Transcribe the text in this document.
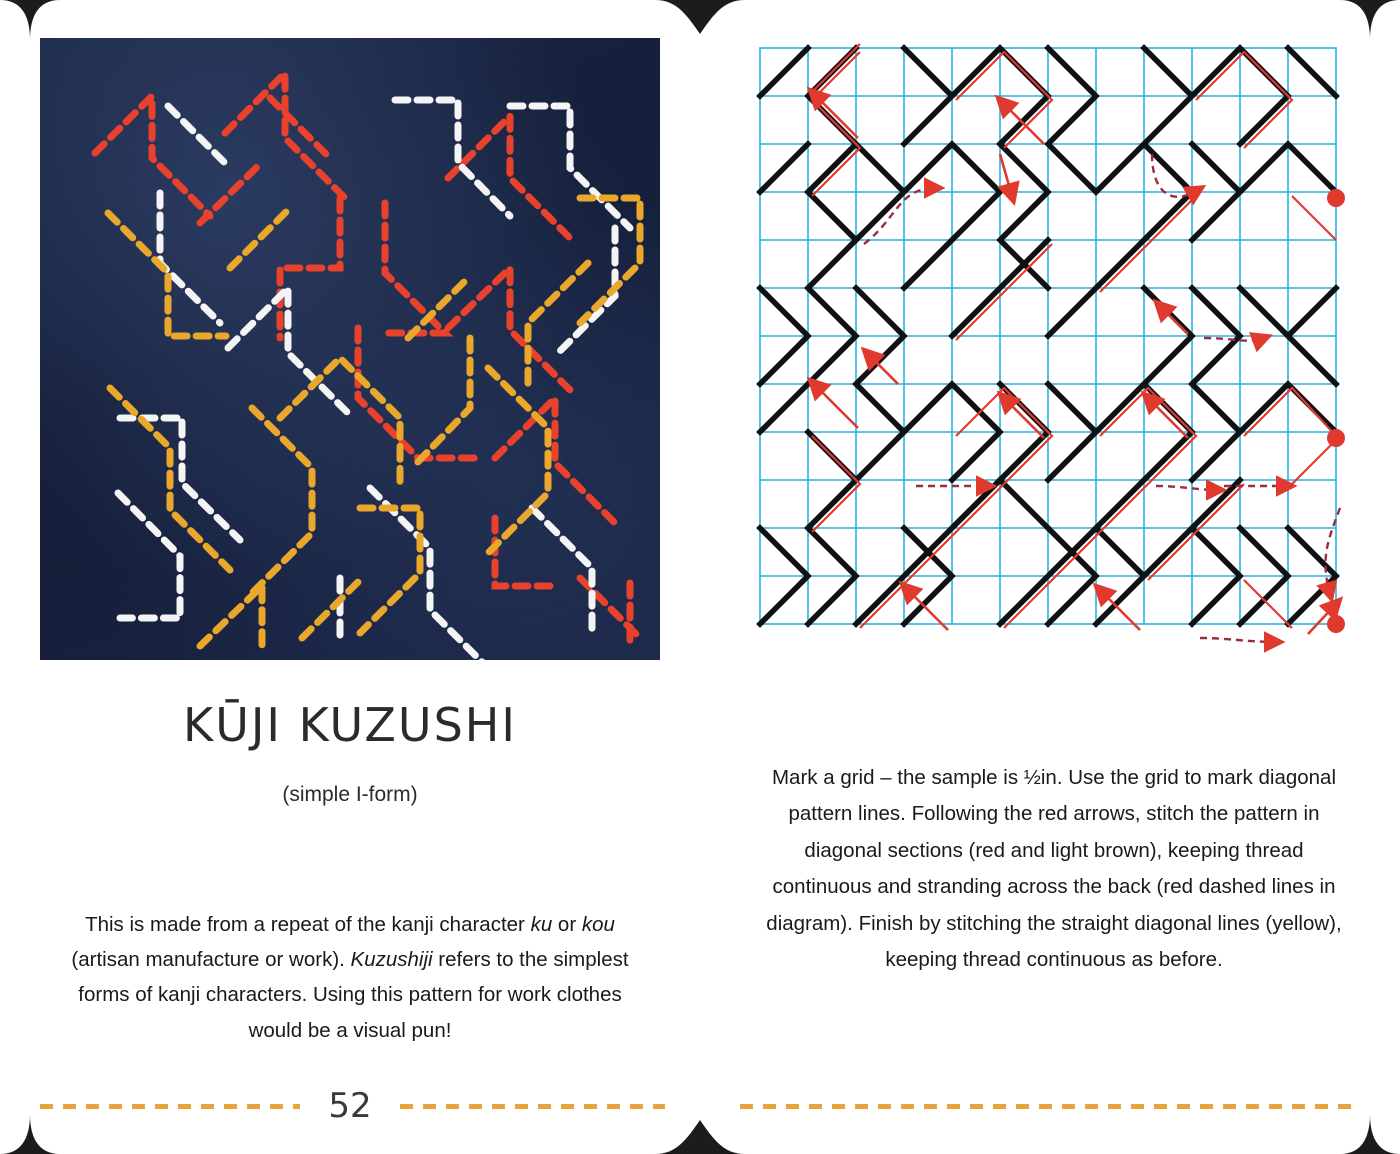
KŪJI KUZUSHI
(simple I-form)

This is made from a repeat of the kanji character ku or kou (artisan manufacture or work). Kuzushiji refers to the simplest forms of kanji characters. Using this pattern for work clothes would be a visual pun!

Mark a grid – the sample is ½in. Use the grid to mark diagonal pattern lines. Following the red arrows, stitch the pattern in diagonal sections (red and light brown), keeping thread continuous and stranding across the back (red dashed lines in diagram). Finish by stitching the straight diagonal lines (yellow), keeping thread continuous as before.

52
